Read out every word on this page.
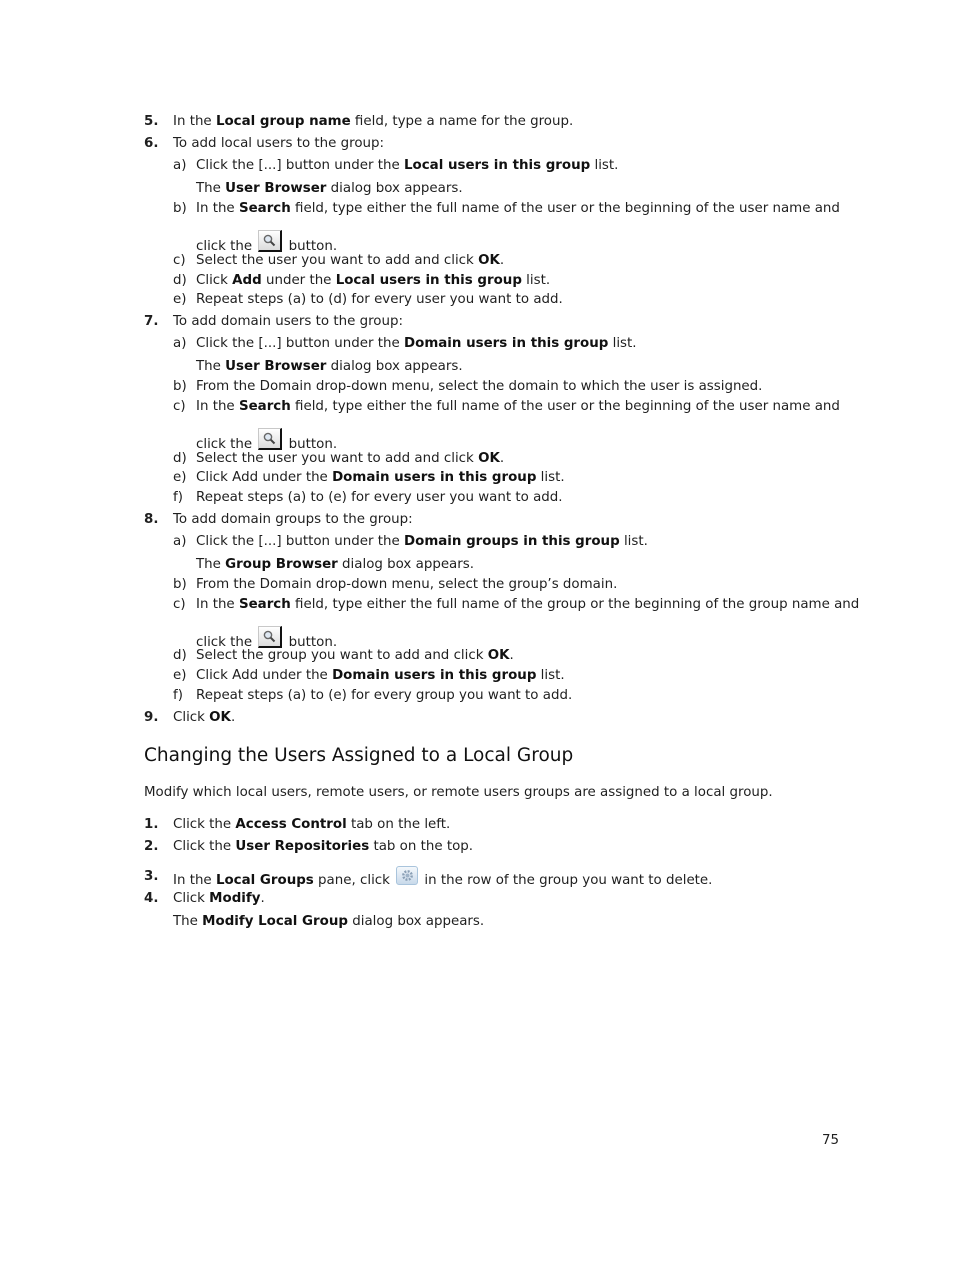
5. In the Local group name field, type a name for the group.
6. To add local users to the group:
a) Click the [...] button under the Local users in this group list.
The User Browser dialog box appears.
b) In the Search field, type either the full name of the user or the beginning of the user name and
click the
button.
c) Select the user you want to add and click OK.
d) Click Add under the Local users in this group list.
e) Repeat steps (a) to (d) for every user you want to add.
7. To add domain users to the group:
a) Click the [...] button under the Domain users in this group list.
The User Browser dialog box appears.
b) From the Domain drop-down menu, select the domain to which the user is assigned.
c) In the Search field, type either the full name of the user or the beginning of the user name and
click the
button.
d) Select the user you want to add and click OK.
e) Click Add under the Domain users in this group list.
f) Repeat steps (a) to (e) for every user you want to add.
8. To add domain groups to the group:
a) Click the [...] button under the Domain groups in this group list.
The Group Browser dialog box appears.
b) From the Domain drop-down menu, select the group’s domain.
c) In the Search field, type either the full name of the group or the beginning of the group name and
click the
button.
d) Select the group you want to add and click OK.
e) Click Add under the Domain users in this group list.
f) Repeat steps (a) to (e) for every group you want to add.
9. Click OK.
Changing the Users Assigned to a Local Group
Modify which local users, remote users, or remote users groups are assigned to a local group.
1. Click the Access Control tab on the left.
2. Click the User Repositories tab on the top.
3. In the Local Groups pane, click
in the row of the group you want to delete.
4. Click Modify.
The Modify Local Group dialog box appears.
75
